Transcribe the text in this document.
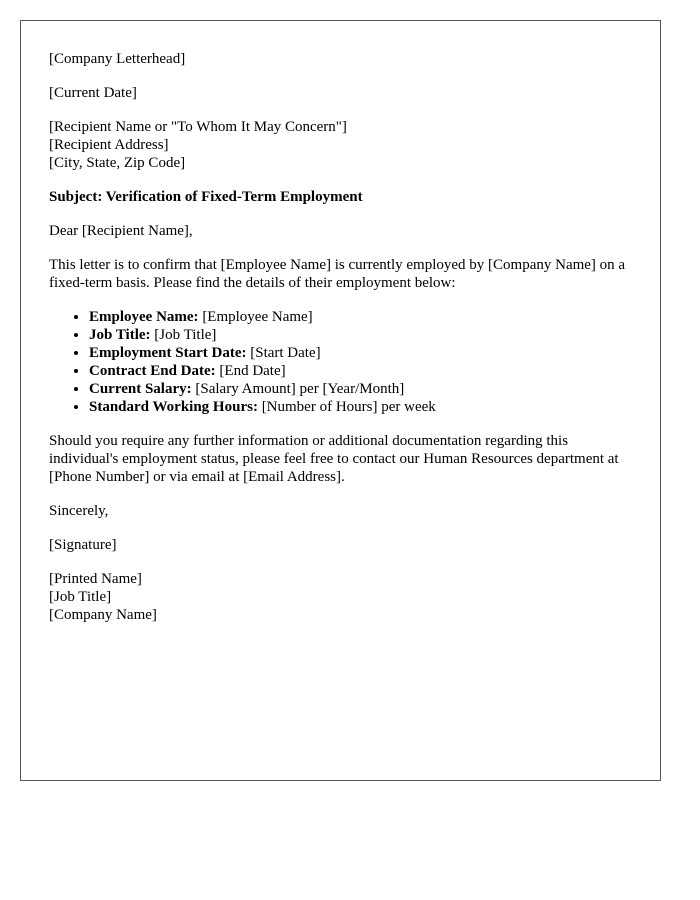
[Company Letterhead]

[Current Date]

[Recipient Name or "To Whom It May Concern"]
[Recipient Address]
[City, State, Zip Code]

Subject: Verification of Fixed-Term Employment

Dear [Recipient Name],

This letter is to confirm that [Employee Name] is currently employed by [Company Name] on a fixed-term basis. Please find the details of their employment below:

• Employee Name: [Employee Name]
• Job Title: [Job Title]
• Employment Start Date: [Start Date]
• Contract End Date: [End Date]
• Current Salary: [Salary Amount] per [Year/Month]
• Standard Working Hours: [Number of Hours] per week

Should you require any further information or additional documentation regarding this individual's employment status, please feel free to contact our Human Resources department at [Phone Number] or via email at [Email Address].

Sincerely,

[Signature]

[Printed Name]
[Job Title]
[Company Name]
